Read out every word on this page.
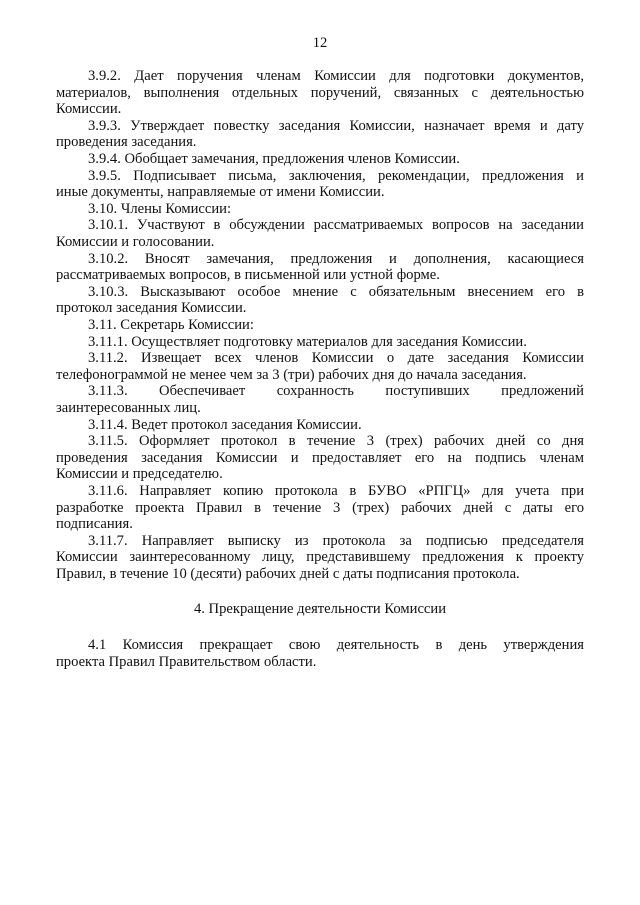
12
3.9.2. Дает поручения членам Комиссии для подготовки документов,
материалов, выполнения отдельных поручений, связанных с деятельностью
Комиссии.
3.9.3. Утверждает повестку заседания Комиссии, назначает время и дату
проведения заседания.
3.9.4. Обобщает замечания, предложения членов Комиссии.
3.9.5. Подписывает письма, заключения, рекомендации, предложения и
иные документы, направляемые от имени Комиссии.
3.10. Члены Комиссии:
3.10.1. Участвуют в обсуждении рассматриваемых вопросов на заседании
Комиссии и голосовании.
3.10.2. Вносят замечания, предложения и дополнения, касающиеся
рассматриваемых вопросов, в письменной или устной форме.
3.10.3. Высказывают особое мнение с обязательным внесением его в
протокол заседания Комиссии.
3.11. Секретарь Комиссии:
3.11.1. Осуществляет подготовку материалов для заседания Комиссии.
3.11.2. Извещает всех членов Комиссии о дате заседания Комиссии
телефонограммой не менее чем за 3 (три) рабочих дня до начала заседания.
3.11.3. Обеспечивает сохранность поступивших предложений
заинтересованных лиц.
3.11.4. Ведет протокол заседания Комиссии.
3.11.5. Оформляет протокол в течение 3 (трех) рабочих дней со дня
проведения заседания Комиссии и предоставляет его на подпись членам
Комиссии и председателю.
3.11.6. Направляет копию протокола в БУВО «РПГЦ» для учета при
разработке проекта Правил в течение 3 (трех) рабочих дней с даты его
подписания.
3.11.7. Направляет выписку из протокола за подписью председателя
Комиссии заинтересованному лицу, представившему предложения к проекту
Правил, в течение 10 (десяти) рабочих дней с даты подписания протокола.
4. Прекращение деятельности Комиссии
4.1 Комиссия прекращает свою деятельность в день утверждения
проекта Правил Правительством области.
